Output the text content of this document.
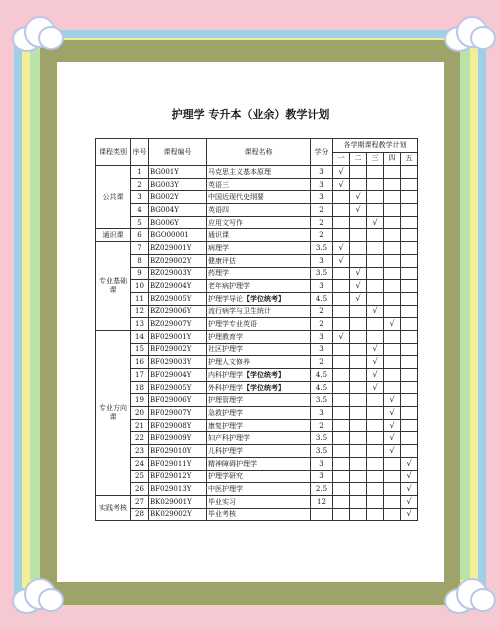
护理学 专升本（业余）教学计划
课程类别	序号	课程编号	课程名称	学分	各学期课程教学计划				
					一	二	三	四	五
公共课	1	BG001Y	马克思主义基本原理	3	√				
	2	BG003Y	英语三	3	√				
	3	BG002Y	中国近现代史纲要	3		√			
	4	BG004Y	英语四	2		√			
	5	BG006Y	应用文写作	2			√		
通识课	6	BGO00001	通识课	2					
专业基础课	7	BZ029001Y	病理学	3.5	√				
	8	BZ029002Y	健康评估	3	√				
	9	BZ029003Y	药理学	3.5		√			
	10	BZ029004Y	老年病护理学	3		√			
	11	BZ029005Y	护理学导论【学位统考】	4.5		√			
	12	BZ029006Y	流行病学与卫生统计	2			√		
	13	BZ029007Y	护理学专业英语	2				√	
专业方向课	14	BF029001Y	护理教育学	3	√				
	15	BF029002Y	社区护理学	3			√		
	16	BF029003Y	护理人文修养	2			√		
	17	BF029004Y	内科护理学【学位统考】	4.5			√		
	18	BF029005Y	外科护理学【学位统考】	4.5			√		
	19	BF029006Y	护理管理学	3.5				√	
	20	BF029007Y	急救护理学	3				√	
	21	BF029008Y	康复护理学	2				√	
	22	BF029009Y	妇产科护理学	3.5				√	
	23	BF029010Y	儿科护理学	3.5				√	
	24	BF029011Y	精神障碍护理学	3					√
	25	BF029012Y	护理学研究	3					√
	26	BF029013Y	中医护理学	2.5					√
实践考核	27	BK029001Y	毕业实习	12					√
	28	BK029002Y	毕业考核						√
